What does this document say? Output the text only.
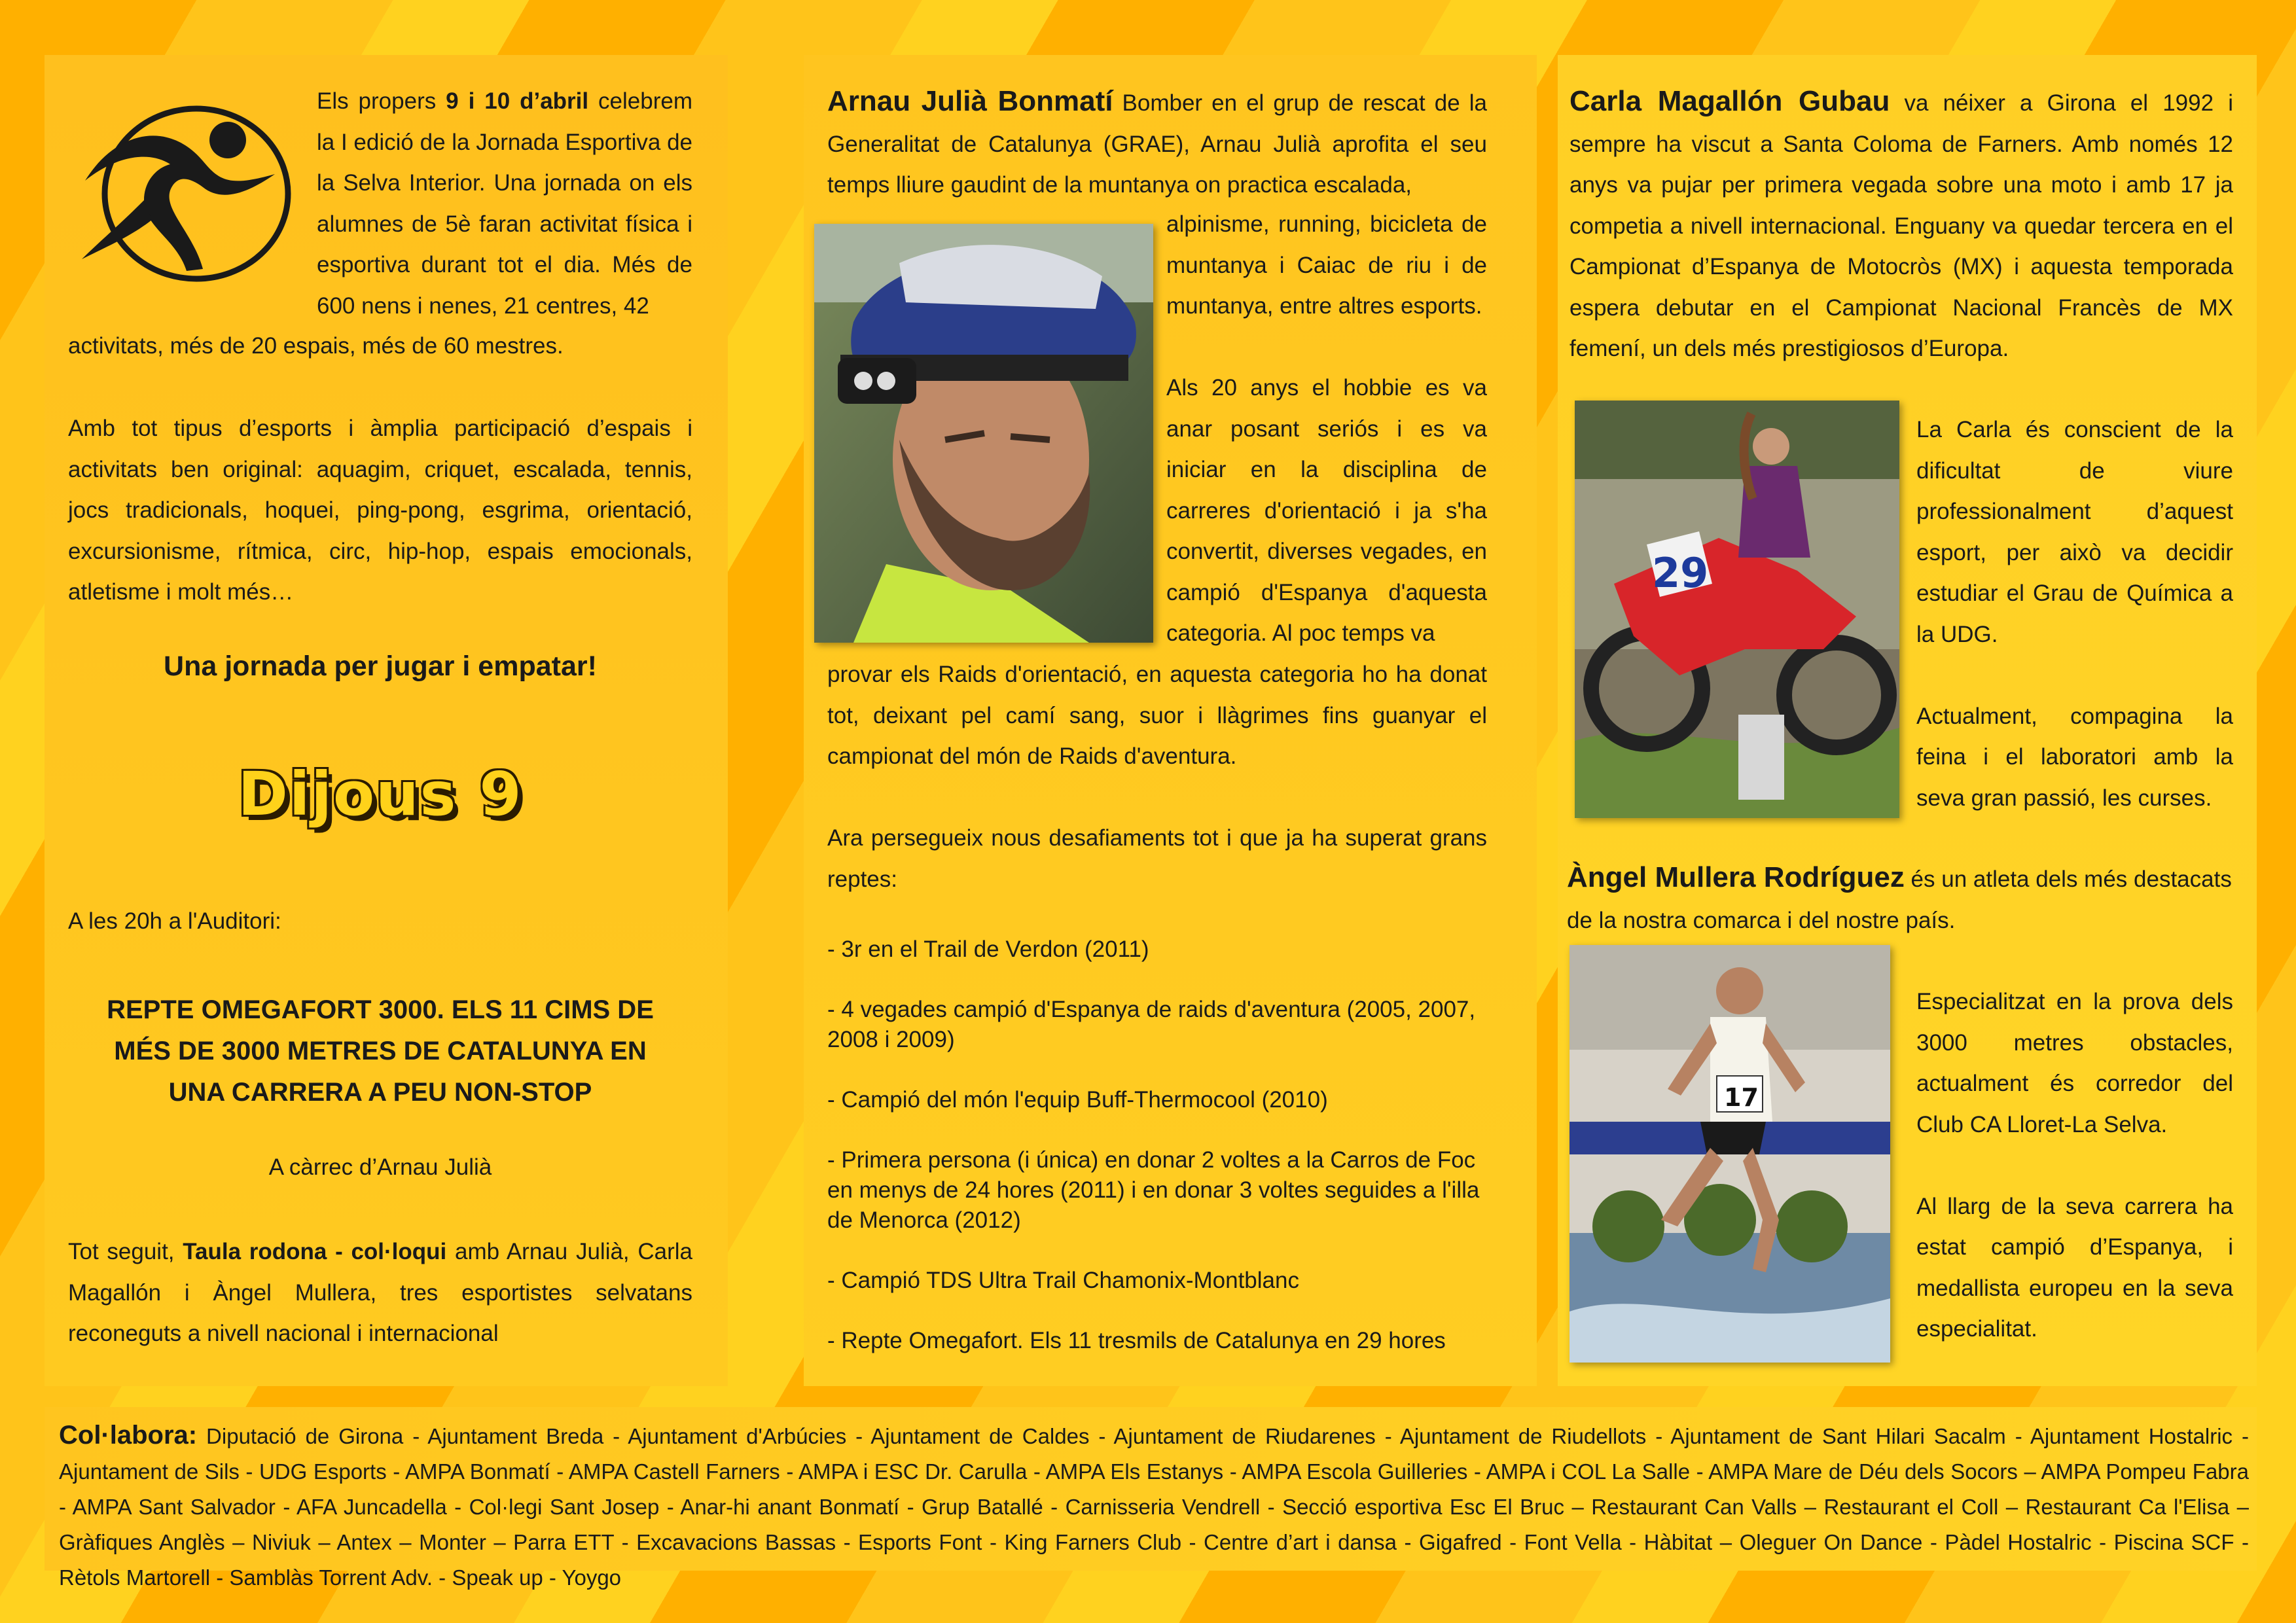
Els propers 9 i 10 d’abril celebrem la I edició de la Jornada Esportiva de la Selva Interior. Una jornada on els alumnes de 5è faran activitat física i esportiva durant tot el dia. Més de 600 nens i nenes, 21 centres, 42

activitats, més de 20 espais, més de 60 mestres.
Amb tot tipus d’esports i àmplia participació d’espais i activitats ben original: aquagim, criquet, escalada, tennis, jocs tradicionals, hoquei, ping-pong, esgrima, orientació, excursionisme, rítmica, circ, hip-hop, espais emocionals, atletisme i molt més…
Una jornada per jugar i empatar!
Dijous 9
A les 20h a l'Auditori:
REPTE OMEGAFORT 3000. ELS 11 CIMS DE
MÉS DE 3000 METRES DE CATALUNYA EN
UNA CARRERA A PEU NON-STOP
A càrrec d’Arnau Julià
Tot seguit, Taula rodona - col·loqui amb Arnau Julià, Carla Magallón i Àngel Mullera, tres esportistes selvatans reconeguts a nivell nacional i internacional
Arnau Julià Bonmatí Bomber en el grup de rescat de la Generalitat de Catalunya (GRAE), Arnau Julià aprofita el seu temps lliure gaudint de la muntanya on practica escalada,
alpinisme, running, bicicleta de muntanya i Caiac de riu i de muntanya, entre altres esports.
Als 20 anys el hobbie es va anar posant seriós i es va iniciar en la disciplina de carreres d'orientació i ja s'ha convertit, diverses vegades, en campió d'Espanya d'aquesta categoria. Al poc temps va
provar els Raids d'orientació, en aquesta categoria ho ha donat tot, deixant pel camí sang, suor i llàgrimes fins guanyar el campionat del món de Raids d'aventura.
Ara persegueix nous desafiaments tot i que ja ha superat grans reptes:
- 3r en el Trail de Verdon (2011)
- 4 vegades campió d'Espanya de raids d'aventura (2005, 2007, 2008 i 2009)
- Campió del món l'equip Buff-Thermocool (2010)
- Primera persona (i única) en donar 2 voltes a la Carros de Foc en menys de 24 hores (2011) i en donar 3 voltes seguides a l'illa de Menorca (2012)
- Campió TDS Ultra Trail Chamonix-Montblanc
- Repte Omegafort. Els 11 tresmils de Catalunya en 29 hores
Carla Magallón Gubau va néixer a Girona el 1992 i sempre ha viscut a Santa Coloma de Farners. Amb només 12 anys va pujar per primera vegada sobre una moto i amb 17 ja competia a nivell internacional. Enguany va quedar tercera en el Campionat d’Espanya de Motocròs (MX) i aquesta temporada espera debutar en el Campionat Nacional Francès de MX femení, un dels més prestigiosos d’Europa.
29

La Carla és conscient de la dificultat de viure professionalment d’aquest esport, per això va decidir estudiar el Grau de Química a la UDG.

Actualment, compagina la feina i el laboratori amb la seva gran passió, les curses.

Àngel Mullera Rodríguez és un atleta dels més destacats de la nostra comarca i del nostre país.
17

Especialitzat en la prova dels 3000 metres obstacles, actualment és corredor del Club CA Lloret-La Selva.

Al llarg de la seva carrera ha estat campió d’Espanya, i medallista europeu en la seva especialitat.

Col·labora: Diputació de Girona - Ajuntament Breda - Ajuntament d'Arbúcies - Ajuntament de Caldes - Ajuntament de Riudarenes - Ajuntament de Riudellots - Ajuntament de Sant Hilari Sacalm - Ajuntament Hostalric - Ajuntament de Sils - UDG Esports - AMPA Bonmatí - AMPA Castell Farners - AMPA i ESC Dr. Carulla - AMPA Els Estanys - AMPA Escola Guilleries - AMPA i COL La Salle - AMPA Mare de Déu dels Socors – AMPA Pompeu Fabra - AMPA Sant Salvador - AFA Juncadella - Col·legi Sant Josep - Anar-hi anant Bonmatí - Grup Batallé - Carnisseria Vendrell - Secció esportiva Esc El Bruc – Restaurant Can Valls – Restaurant el Coll – Restaurant Ca l'Elisa – Gràfiques Anglès – Niviuk – Antex – Monter – Parra ETT - Excavacions Bassas - Esports Font - King Farners Club - Centre d’art i dansa - Gigafred - Font Vella - Hàbitat – Oleguer On Dance - Pàdel Hostalric - Piscina SCF - Rètols Martorell - Samblàs Torrent Adv. - Speak up - Yoygo
